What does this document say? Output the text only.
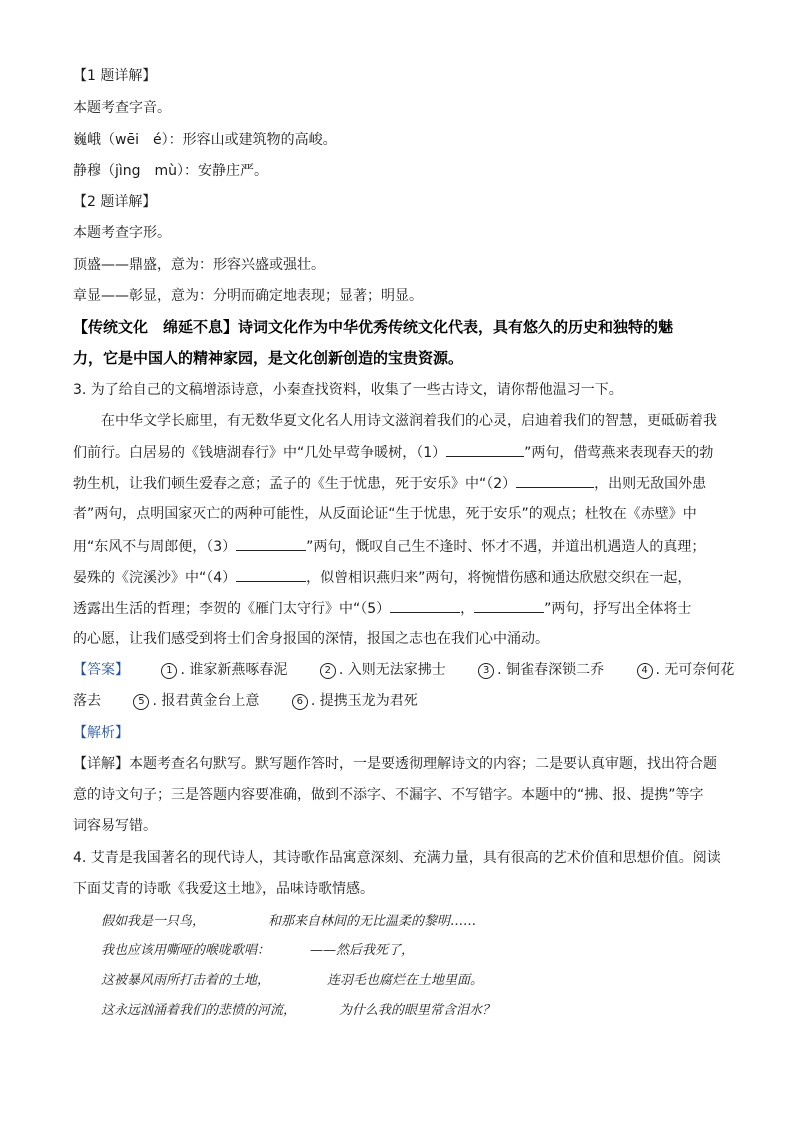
【1 题详解】
本题考查字音。
巍峨（wēi　é）：形容山或建筑物的高峻。
静穆（jìng　mù）：安静庄严。
【2 题详解】
本题考查字形。
顶盛——鼎盛，意为：形容兴盛或强壮。
章显——彰显，意为：分明而确定地表现；显著；明显。
【传统文化　绵延不息】诗词文化作为中华优秀传统文化代表，具有悠久的历史和独特的魅
力，它是中国人的精神家园，是文化创新创造的宝贵资源。
3. 为了给自己的文稿增添诗意，小秦查找资料，收集了一些古诗文，请你帮他温习一下。
在中华文学长廊里，有无数华夏文化名人用诗文滋润着我们的心灵，启迪着我们的智慧，更砥砺着我
们前行。白居易的《钱塘湖春行》中“几处早莺争暖树，（1）	”两句，借莺燕来表现春天的勃
勃生机，让我们顿生爱春之意；孟子的《生于忧患，死于安乐》中“（2）	，出则无敌国外患
者”两句，点明国家灭亡的两种可能性，从反面论证“生于忧患，死于安乐”的观点；杜牧在《赤壁》中
用“东风不与周郎便，（3）	”两句，慨叹自己生不逢时、怀才不遇，并道出机遇造人的真理；
晏殊的《浣溪沙》中“（4）	，似曾相识燕归来”两句，将惋惜伤感和通达欣慰交织在一起，
透露出生活的哲理；李贺的《雁门太守行》中“（5）	，	”两句，抒写出全体将士
的心愿，让我们感受到将士们舍身报国的深情，报国之志也在我们心中涌动。
【答案】	1 . 谁家新燕啄春泥	2 . 入则无法家拂士	3 . 铜雀春深锁二乔	4 . 无可奈何花
落去	5 . 报君黄金台上意	6 . 提携玉龙为君死
【解析】
【详解】本题考查名句默写。默写题作答时，一是要透彻理解诗文的内容；二是要认真审题，找出符合题
意的诗文句子；三是答题内容要准确，做到不添字、不漏字、不写错字。本题中的“拂、报、提携”等字
词容易写错。
4. 艾青是我国著名的现代诗人，其诗歌作品寓意深刻、充满力量，具有很高的艺术价值和思想价值。阅读
下面艾青的诗歌《我爱这土地》，品味诗歌情感。
假如我是一只鸟，	和那来自林间的无比温柔的黎明……
我也应该用嘶哑的喉咙歌唱：	——然后我死了，
这被暴风雨所打击着的土地，	连羽毛也腐烂在土地里面。
这永远汹涌着我们的悲愤的河流，	为什么我的眼里常含泪水？
